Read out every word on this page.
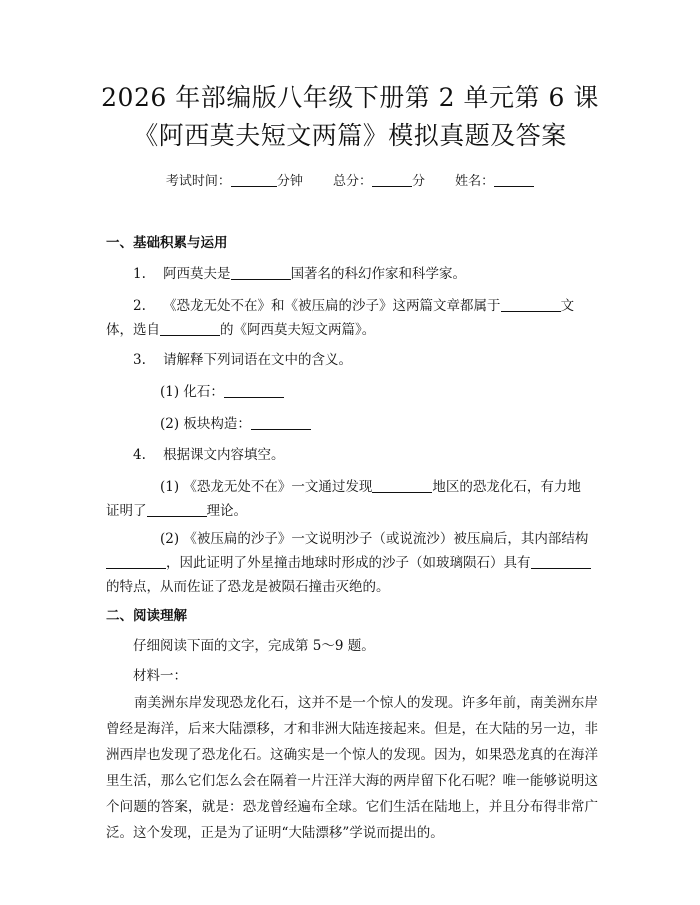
2026 年部编版八年级下册第 2 单元第 6 课
《阿西莫夫短文两篇》模拟真题及答案
考试时间：	分钟 总分：	分 姓名：
一、基础积累与运用
1. 阿西莫夫是	国著名的科幻作家和科学家。
2. 《恐龙无处不在》和《被压扁的沙子》这两篇文章都属于	文
体，选自	的《阿西莫夫短文两篇》。
3. 请解释下列词语在文中的含义。
(1) 化石：
(2) 板块构造：
4. 根据课文内容填空。
(1) 《恐龙无处不在》一文通过发现	地区的恐龙化石，有力地
证明了	理论。
(2) 《被压扁的沙子》一文说明沙子（或说流沙）被压扁后，其内部结构
，因此证明了外星撞击地球时形成的沙子（如玻璃陨石）具有
的特点，从而佐证了恐龙是被陨石撞击灭绝的。
二、阅读理解
仔细阅读下面的文字，完成第 5～9 题。
材料一：
南美洲东岸发现恐龙化石，这并不是一个惊人的发现。许多年前，南美洲东岸曾经是海洋，后来大陆漂移，才和非洲大陆连接起来。但是，在大陆的另一边，非洲西岸也发现了恐龙化石。这确实是一个惊人的发现。因为，如果恐龙真的在海洋里生活，那么它们怎么会在隔着一片汪洋大海的两岸留下化石呢？唯一能够说明这个问题的答案，就是：恐龙曾经遍布全球。它们生活在陆地上，并且分布得非常广泛。这个发现，正是为了证明“大陆漂移”学说而提出的。
